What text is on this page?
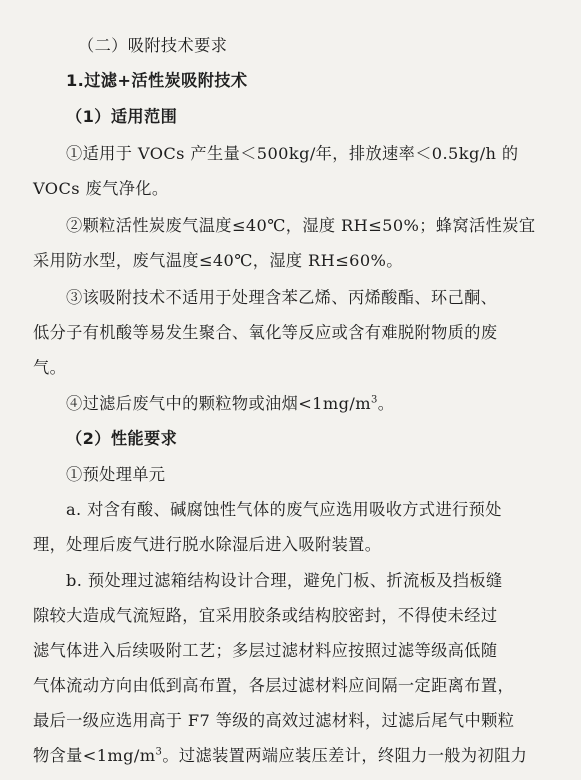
（二）吸附技术要求
1.过滤+活性炭吸附技术
（1）适用范围
①适用于 VOCs 产生量＜500kg/年，排放速率＜0.5kg/h 的
VOCs 废气净化。
②颗粒活性炭废气温度≤40℃，湿度 RH≤50%；蜂窝活性炭宜
采用防水型，废气温度≤40℃，湿度 RH≤60%。
③该吸附技术不适用于处理含苯乙烯、丙烯酸酯、环己酮、
低分子有机酸等易发生聚合、氧化等反应或含有难脱附物质的废
气。
④过滤后废气中的颗粒物或油烟$<1mg/m^3$。
（2）性能要求
①预处理单元
a. 对含有酸、碱腐蚀性气体的废气应选用吸收方式进行预处
理，处理后废气进行脱水除湿后进入吸附装置。
b. 预处理过滤箱结构设计合理，避免门板、折流板及挡板缝
隙较大造成气流短路，宜采用胶条或结构胶密封，不得使未经过
滤气体进入后续吸附工艺；多层过滤材料应按照过滤等级高低随
气体流动方向由低到高布置，各层过滤材料应间隔一定距离布置，
最后一级应选用高于 F7 等级的高效过滤材料，过滤后尾气中颗粒
物含量$<1mg/m^3$。过滤装置两端应装压差计，终阻力一般为初阻力
